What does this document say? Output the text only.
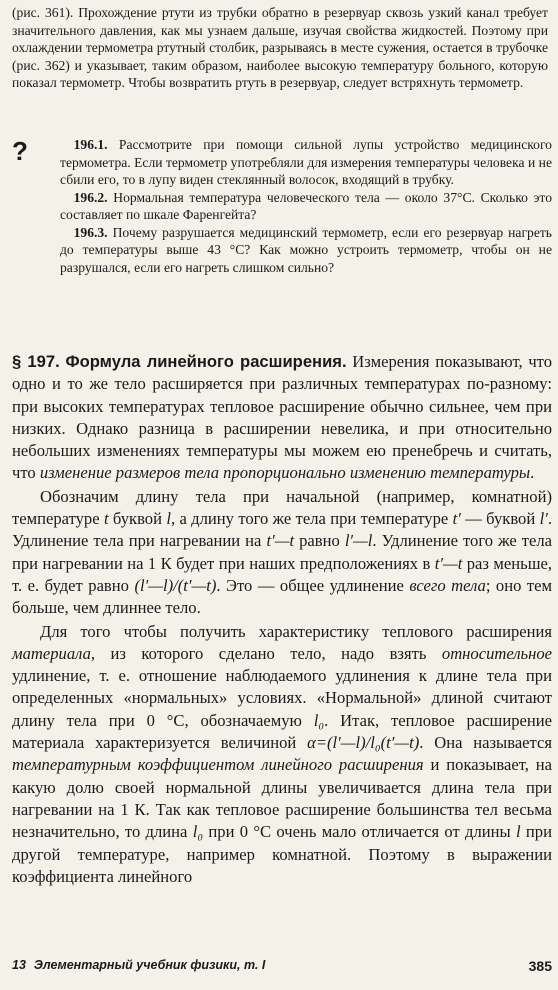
(рис. 361). Прохождение ртути из трубки обратно в резервуар сквозь узкий канал требует значительного давления, как мы узнаем дальше, изучая свойства жидкостей. Поэтому при охлаждении термометра ртутный столбик, разрываясь в месте сужения, остается в трубочке (рис. 362) и указывает, таким образом, наиболее высокую температуру больного, которую показал термометр. Чтобы возвратить ртуть в резервуар, следует встряхнуть термометр.

?

 	196.1. Рассмотрите при помощи сильной лупы устройство медицинского термометра. Если термометр употребляли для измерения температуры человека и не сбили его, то в лупу виден стеклянный волосок, входящий в трубку.

 196.2. Нормальная температура человеческого тела — около 37°C. Сколько это составляет по шкале Фаренгейта?

 196.3. Почему разрушается медицинский термометр, если его резервуар нагреть до температуры выше 43 °C? Как можно устроить термометр, чтобы он не разрушался, если его нагреть слишком сильно?

§ 197. Формула линейного расширения. Измерения показывают, что одно и то же тело расширяется при различных температурах по-разному: при высоких температурах тепловое расширение обычно сильнее, чем при низких. Однако разница в расширении невелика, и при относительно небольших изменениях температуры мы можем ею пренебречь и считать, что изменение размеров тела пропорционально изменению температуры.

Обозначим длину тела при начальной (например, комнатной) температуре t буквой l, а длину того же тела при температуре t′ — буквой l′. Удлинение тела при нагревании на t′—t равно l′—l. Удлинение того же тела при нагревании на 1 К будет при наших предположениях в t′—t раз меньше, т. е. будет равно (l′—l)/(t′—t). Это — общее удлинение всего тела; оно тем больше, чем длиннее тело.

Для того чтобы получить характеристику теплового расширения материала, из которого сделано тело, надо взять относительное удлинение, т. е. отношение наблюдаемого удлинения к длине тела при определенных «нормальных» условиях. «Нормальной» длиной считают длину тела при 0 °C, обозначаемую l₀. Итак, тепловое расширение материала характеризуется величиной α=(l′—l)/l₀(t′—t). Она называется температурным коэффициентом линейного расширения и показывает, на какую долю своей нормальной длины увеличивается длина тела при нагревании на 1 К. Так как тепловое расширение большинства тел весьма незначительно, то длина l₀ при 0 °C очень мало отличается от длины l при другой температуре, например комнатной. Поэтому в выражении коэффициента линейного

13 Элементарный учебник физики, т. I	385
